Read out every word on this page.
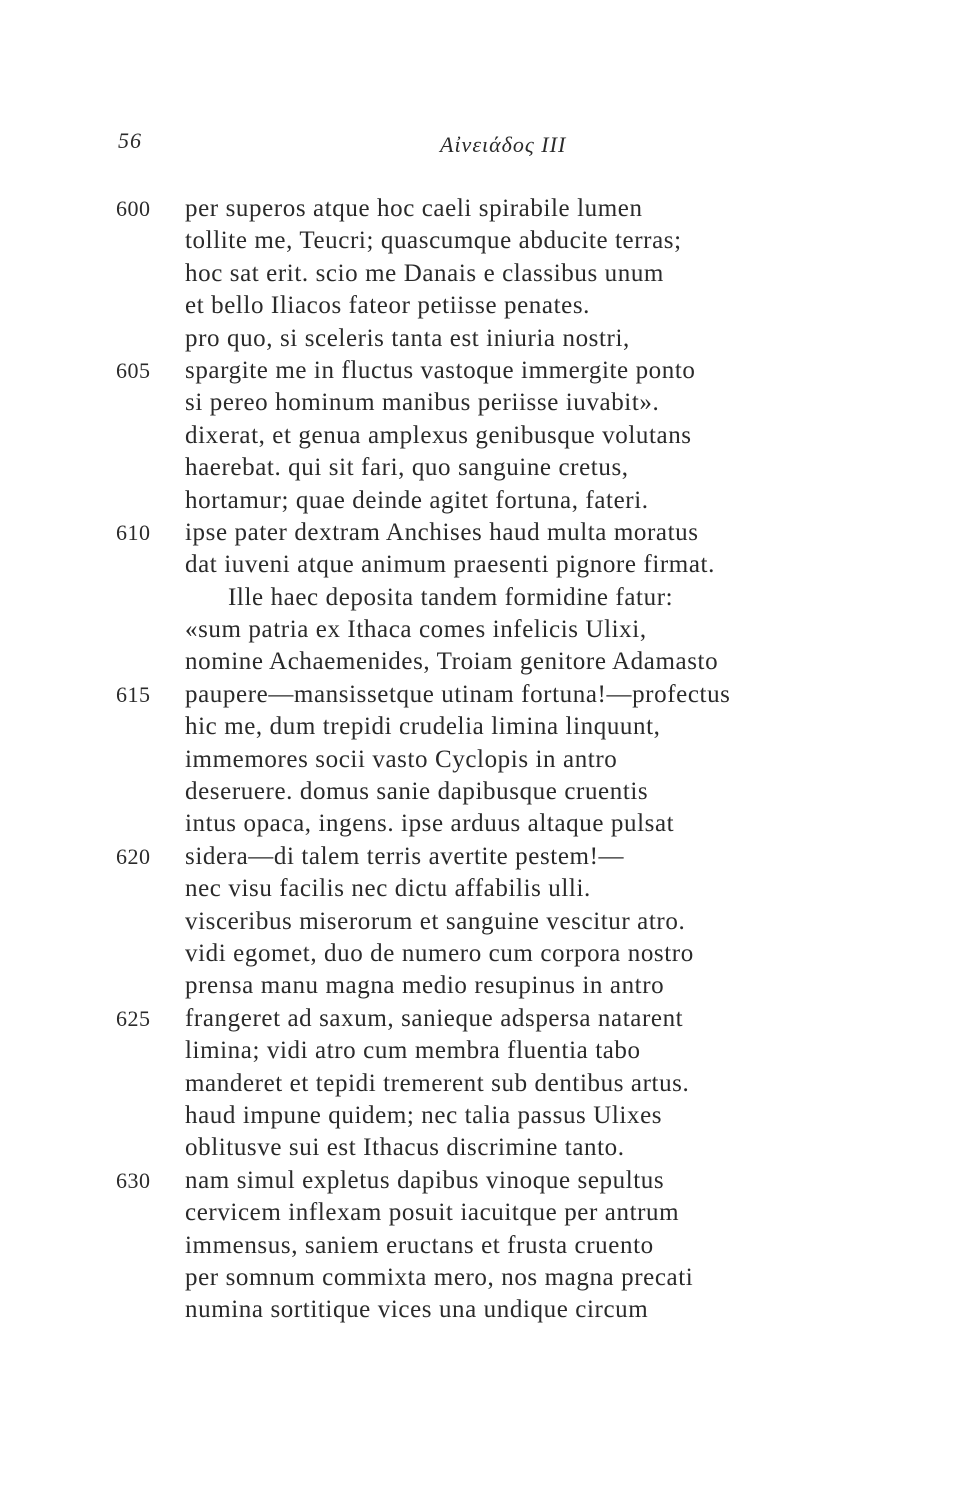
56	Αἰνειάδος III
600 per superos atque hoc caeli spirabile lumen
tollite me, Teucri; quascumque abducite terras;
hoc sat erit. scio me Danais e classibus unum
et bello Iliacos fateor petiisse penates.
pro quo, si sceleris tanta est iniuria nostri,
605 spargite me in fluctus vastoque immergite ponto
si pereo hominum manibus periisse iuvabit».
dixerat, et genua amplexus genibusque volutans
haerebat. qui sit fari, quo sanguine cretus,
hortamur; quae deinde agitet fortuna, fateri.
610 ipse pater dextram Anchises haud multa moratus
dat iuveni atque animum praesenti pignore firmat.
Ille haec deposita tandem formidine fatur:
«sum patria ex Ithaca comes infelicis Ulixi,
nomine Achaemenides, Troiam genitore Adamasto
615 paupere—mansissetque utinam fortuna!—profectus
hic me, dum trepidi crudelia limina linquunt,
immemores socii vasto Cyclopis in antro
deseruere. domus sanie dapibusque cruentis
intus opaca, ingens. ipse arduus altaque pulsat
620 sidera—di talem terris avertite pestem!—
nec visu facilis nec dictu affabilis ulli.
visceribus miserorum et sanguine vescitur atro.
vidi egomet, duo de numero cum corpora nostro
prensa manu magna medio resupinus in antro
625 frangeret ad saxum, sanieque adspersa natarent
limina; vidi atro cum membra fluentia tabo
manderet et tepidi tremerent sub dentibus artus.
haud impune quidem; nec talia passus Ulixes
oblitusve sui est Ithacus discrimine tanto.
630 nam simul expletus dapibus vinoque sepultus
cervicem inflexam posuit iacuitque per antrum
immensus, saniem eructans et frusta cruento
per somnum commixta mero, nos magna precati
numina sortitique vices una undique circum
